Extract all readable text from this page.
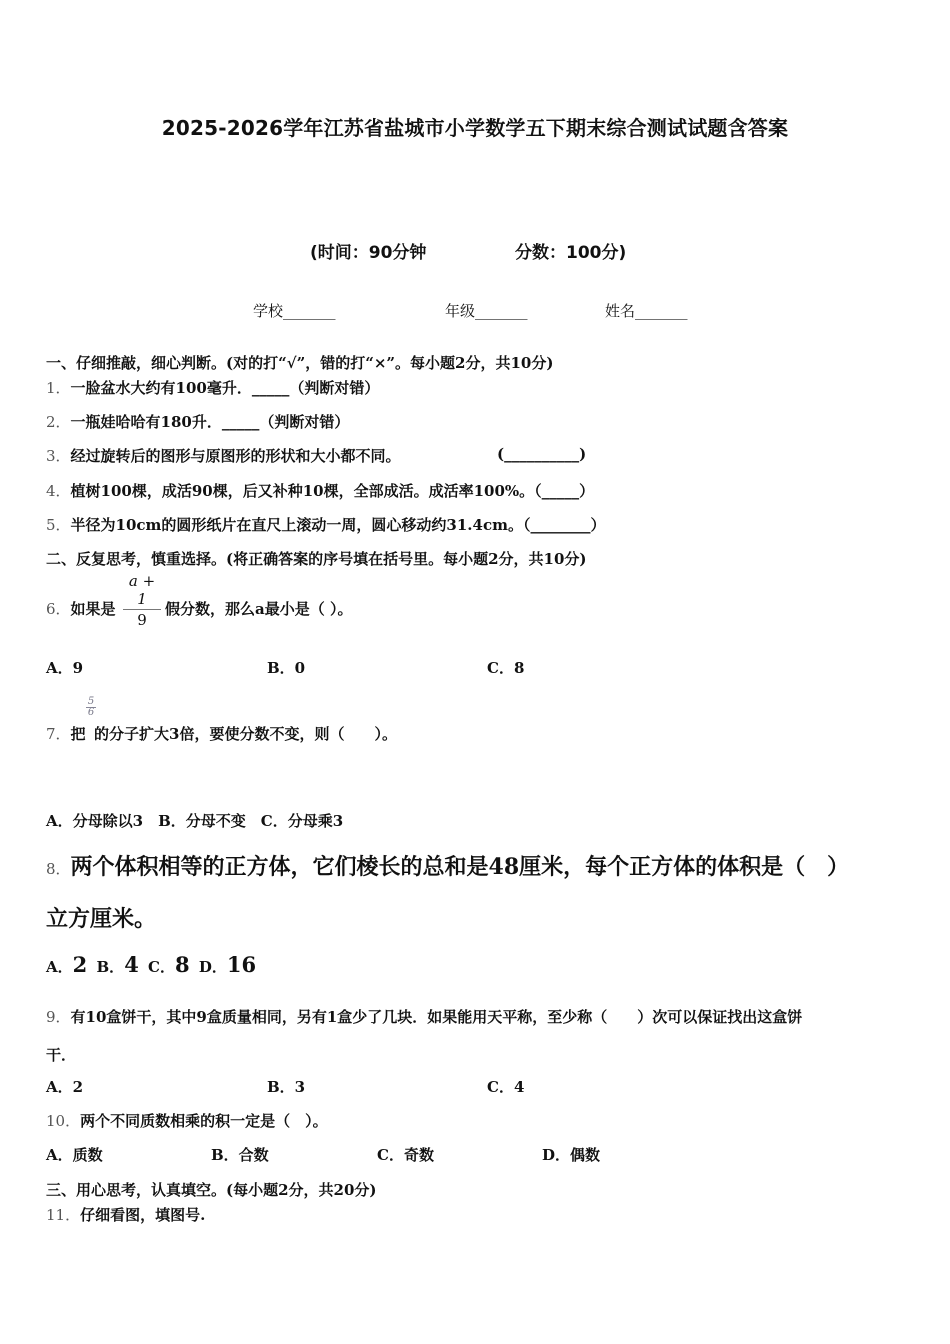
2025-2026学年江苏省盐城市小学数学五下期末综合测试试题含答案
(时间：90分钟	分数：100分)
学校_______	年级_______	姓名_______
一、仔细推敲，细心判断。(对的打“√”，错的打“×”。每小题2分，共10分)
1．一脸盆水大约有100毫升．_____（判断对错）
2．一瓶娃哈哈有180升．_____（判断对错）
3．经过旋转后的图形与原图形的形状和大小都不同。	(__________)
4．植树100棵，成活90棵，后又补种10棵，全部成活。成活率100%。（_____）
5．半径为10cm的圆形纸片在直尺上滚动一周，圆心移动约31.4cm。（________）
二、反复思考，慎重选择。(将正确答案的序号填在括号里。每小题2分，共10分)
6．如果是
a + 1
9
假分数，那么a最小是（ ）。
A．9	B．0	C．8
7．把
$\frac{5}{6}$
的分子扩大3倍，要使分数不变，则（　　）。
A．分母除以3　B．分母不变　C．分母乘3
8．两个体积相等的正方体，它们棱长的总和是48厘米，每个正方体的体积是（　）
立方厘米。
A．2 B．4 C．8 D．16
9．有10盒饼干，其中9盒质量相同，另有1盒少了几块．如果能用天平称，至少称（　　）次可以保证找出这盒饼
干．
A．2	B．3	C．4
10．两个不同质数相乘的积一定是（　）。
A．质数	B．合数	C．奇数	D．偶数
三、用心思考，认真填空。(每小题2分，共20分)
11．仔细看图，填图号.
